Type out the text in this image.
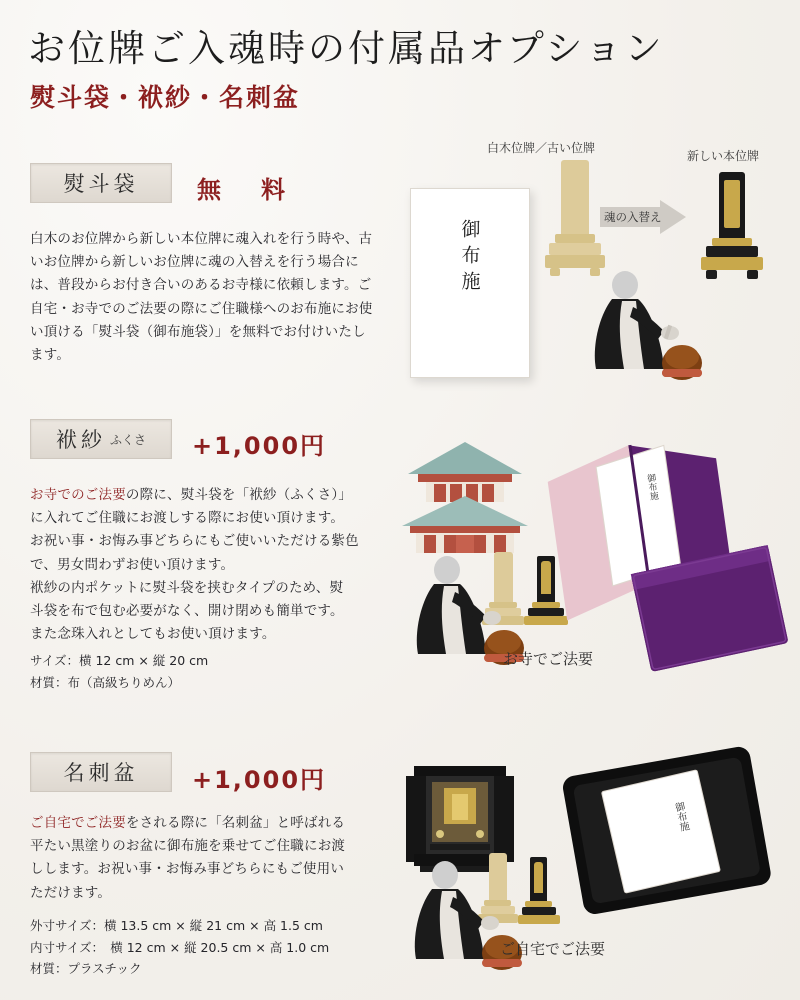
お位牌ご入魂時の付属品オプション
熨斗袋・袱紗・名刺盆
熨斗袋 無　料
白木のお位牌から新しい本位牌に魂入れを行う時や、古いお位牌から新しいお位牌に魂の入替えを行う場合には、普段からお付き合いのあるお寺様に依頼します。ご自宅・お寺でのご法要の際にご住職様へのお布施にお使い頂ける「熨斗袋（御布施袋）」を無料でお付けいたします。
白木位牌／古い位牌
新しい本位牌
御布施
魂の入替え
袱紗 ふくさ +1,000円
お寺でのご法要の際に、熨斗袋を「袱紗（ふくさ）」
に入れてご住職にお渡しする際にお使い頂けます。
お祝い事・お悔み事どちらにもご使いいただける紫色
で、男女問わずお使い頂けます。
袱紗の内ポケットに熨斗袋を挟むタイプのため、熨
斗袋を布で包む必要がなく、開け閉めも簡単です。
また念珠入れとしてもお使い頂けます。
サイズ：横 12 cm × 縦 20 cm
材質：布（高級ちりめん）
御布施
お寺でご法要
名刺盆 +1,000円
ご自宅でご法要をされる際に「名刺盆」と呼ばれる
平たい黒塗りのお盆に御布施を乗せてご住職にお渡
しします。お祝い事・お悔み事どちらにもご使用い
ただけます。
外寸サイズ：横 13.5 cm × 縦 21 cm × 高 1.5 cm
内寸サイズ：　横 12 cm × 縦 20.5 cm × 高 1.0 cm
材質：プラスチック
御布施
ご自宅でご法要
